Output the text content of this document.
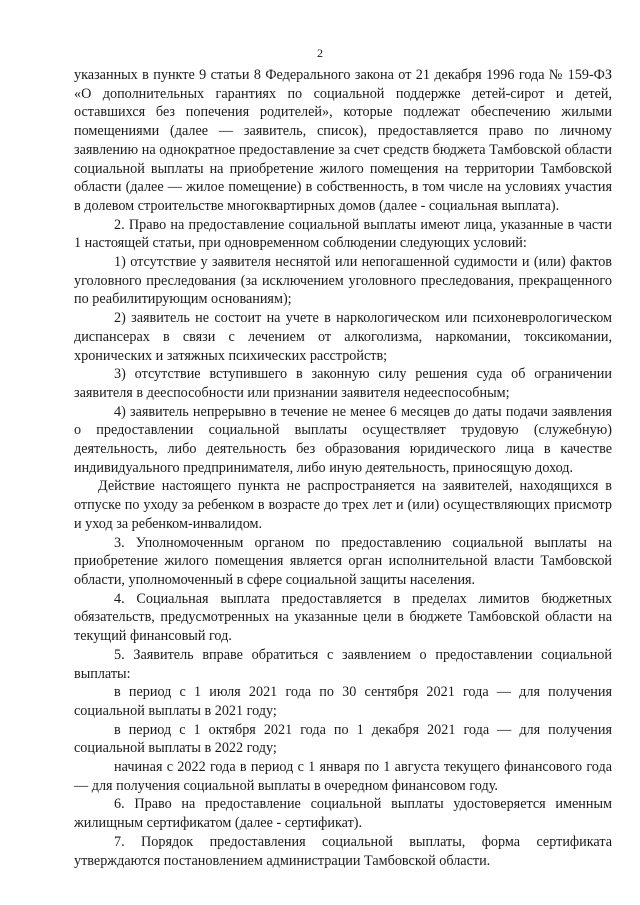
2

указанных в пункте 9 статьи 8 Федерального закона от 21 декабря 1996 года № 159-ФЗ «О дополнительных гарантиях по социальной поддержке детей-сирот и детей, оставшихся без попечения родителей», которые подлежат обеспечению жилыми помещениями (далее — заявитель, список), предоставляется право по личному заявлению на однократное предоставление за счет средств бюджета Тамбовской области социальной выплаты на приобретение жилого помещения на территории Тамбовской области (далее — жилое помещение) в собственность, в том числе на условиях участия в долевом строительстве многоквартирных домов (далее - социальная выплата).

2. Право на предоставление социальной выплаты имеют лица, указанные в части 1 настоящей статьи, при одновременном соблюдении следующих условий:

1) отсутствие у заявителя неснятой или непогашенной судимости и (или) фактов уголовного преследования (за исключением уголовного преследования, прекращенного по реабилитирующим основаниям);

2) заявитель не состоит на учете в наркологическом или психоневрологическом диспансерах в связи с лечением от алкоголизма, наркомании, токсикомании, хронических и затяжных психических расстройств;

3) отсутствие вступившего в законную силу решения суда об ограничении заявителя в дееспособности или признании заявителя недееспособным;

4) заявитель непрерывно в течение не менее 6 месяцев до даты подачи заявления о предоставлении социальной выплаты осуществляет трудовую (служебную) деятельность, либо деятельность без образования юридического лица в качестве индивидуального предпринимателя, либо иную деятельность, приносящую доход.

Действие настоящего пункта не распространяется на заявителей, находящихся в отпуске по уходу за ребенком в возрасте до трех лет и (или) осуществляющих присмотр и уход за ребенком-инвалидом.

3. Уполномоченным органом по предоставлению социальной выплаты на приобретение жилого помещения является орган исполнительной власти Тамбовской области, уполномоченный в сфере социальной защиты населения.

4. Социальная выплата предоставляется в пределах лимитов бюджетных обязательств, предусмотренных на указанные цели в бюджете Тамбовской области на текущий финансовый год.

5. Заявитель вправе обратиться с заявлением о предоставлении социальной выплаты:

в период с 1 июля 2021 года по 30 сентября 2021 года — для получения социальной выплаты в 2021 году;

в период с 1 октября 2021 года по 1 декабря 2021 года — для получения социальной выплаты в 2022 году;

начиная с 2022 года в период с 1 января по 1 августа текущего финансового года — для получения социальной выплаты в очередном финансовом году.

6. Право на предоставление социальной выплаты удостоверяется именным жилищным сертификатом (далее - сертификат).

7. Порядок предоставления социальной выплаты, форма сертификата утверждаются постановлением администрации Тамбовской области.
